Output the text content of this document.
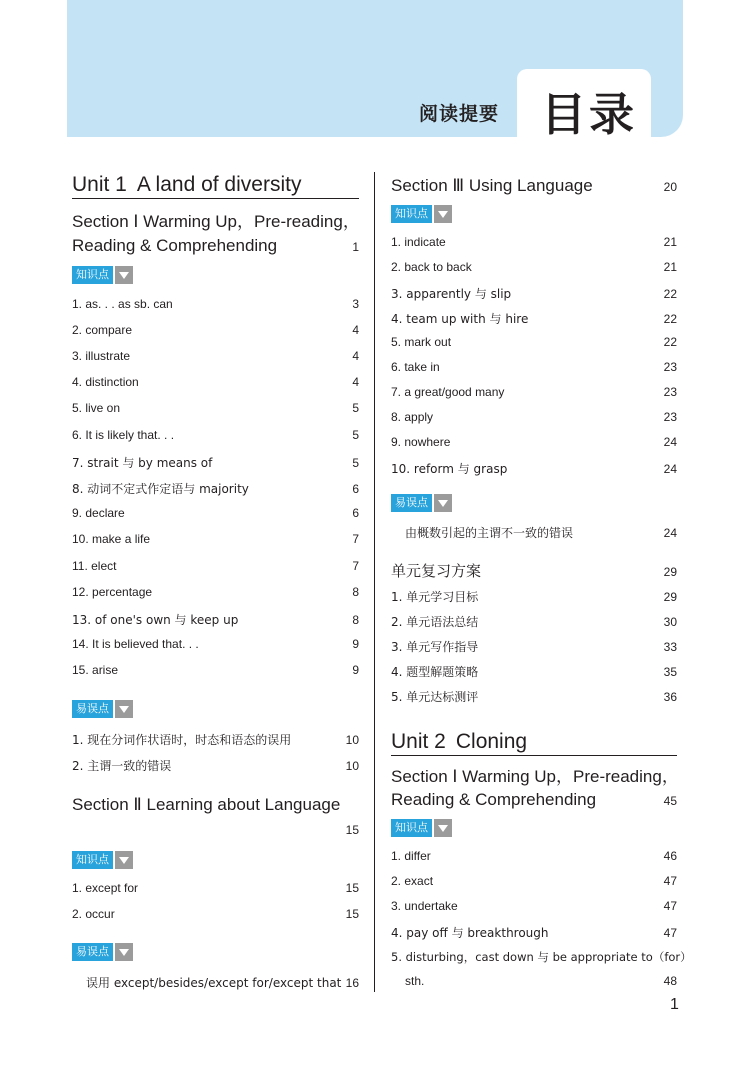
阅读提要 目录
Unit 1 A land of diversity
Section Ⅰ Warming Up，Pre-reading，
Reading & Comprehending	1
知识点
1. as. . . as sb. can	3
2. compare	4
3. illustrate	4
4. distinction	4
5. live on	5
6. It is likely that. . .	5
7. strait 与 by means of	5
8. 动词不定式作定语与 majority	6
9. declare	6
10. make a life	7
11. elect	7
12. percentage	8
13. of one's own 与 keep up	8
14. It is believed that. . .	9
15. arise	9
易误点
1. 现在分词作状语时，时态和语态的误用	10
2. 主谓一致的错误	10
Section Ⅱ Learning about Language
15
知识点
1. except for	15
2. occur	15
易误点
误用 except/besides/except for/except that 16
Section Ⅲ Using Language	20
知识点
1. indicate	21
2. back to back	21
3. apparently 与 slip	22
4. team up with 与 hire	22
5. mark out	22
6. take in	23
7. a great/good many	23
8. apply	23
9. nowhere	24
10. reform 与 grasp	24
易误点
由概数引起的主谓不一致的错误	24
单元复习方案	29
1. 单元学习目标	29
2. 单元语法总结	30
3. 单元写作指导	33
4. 题型解题策略	35
5. 单元达标测评	36
Unit 2 Cloning
Section Ⅰ Warming Up，Pre-reading，
Reading & Comprehending	45
知识点
1. differ	46
2. exact	47
3. undertake	47
4. pay off 与 breakthrough	47
5. disturbing，cast down 与 be appropriate to（for）
sth.	48
1
